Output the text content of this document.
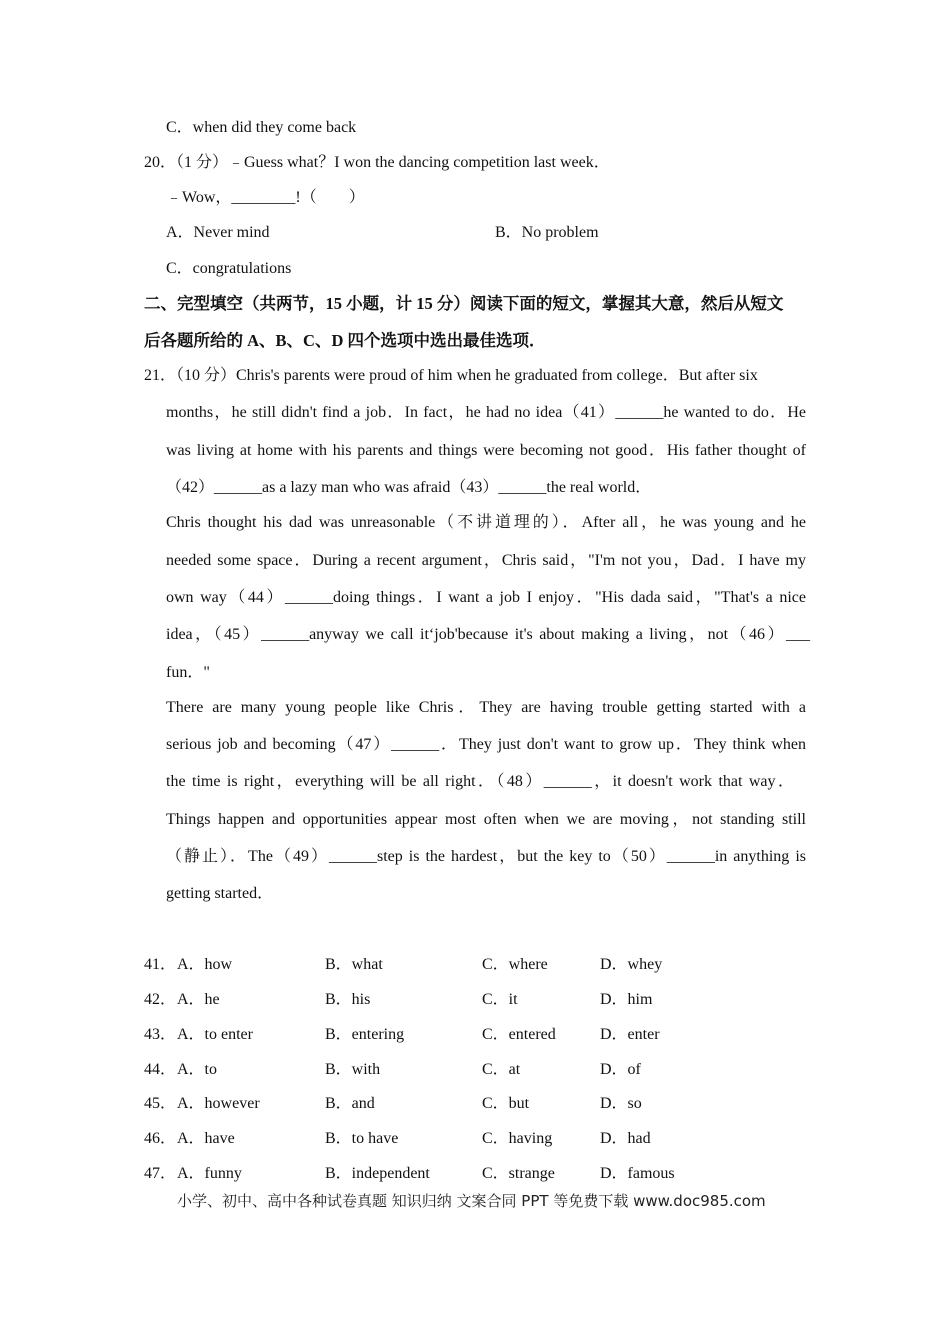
C．when did they come back
20．（1 分）﹣Guess what？I won the dancing competition last week．
﹣Wow，________!（　　）
A．Never mind	B．No problem
C．congratulations
二、完型填空（共两节，15 小题，计 15 分）阅读下面的短文，掌握其大意，然后从短文
后各题所给的 A、B、C、D 四个选项中选出最佳选项．
21．（10 分）Chris's parents were proud of him when he graduated from college．But after six
months，he still didn't find a job．In fact，he had no idea（41）______he wanted to do．He
was living at home with his parents and things were becoming not good．His father thought of
（42）______as a lazy man who was afraid（43）______the real world．
Chris thought his dad was unreasonable（不讲道理的）．After all，he was young and he
needed some space．During a recent argument，Chris said，"I'm not you，Dad．I have my
own way（44）______doing things．I want a job I enjoy．"His dada said，"That's a nice
idea，（45）______anyway we call it‘job'because it's about making a living，not（46）___
fun．"
There are many young people like Chris．They are having trouble getting started with a
serious job and becoming（47）______．They just don't want to grow up．They think when
the time is right，everything will be all right．（48）______，it doesn't work that way．
Things happen and opportunities appear most often when we are moving，not standing still
（静止）．The（49）______step is the hardest，but the key to（50）______in anything is
getting started．
41． A．how	B．what	C．where	D．whey
42． A．he	B．his	C．it	D．him
43． A．to enter	B．entering	C．entered	D．enter
44． A．to	B．with	C．at	D．of
45． A．however	B．and	C．but	D．so
46． A．have	B．to have	C．having	D．had
47． A．funny	B．independent	C．strange	D．famous
小学、初中、高中各种试卷真题 知识归纳 文案合同 PPT 等免费下载 www.doc985.com
